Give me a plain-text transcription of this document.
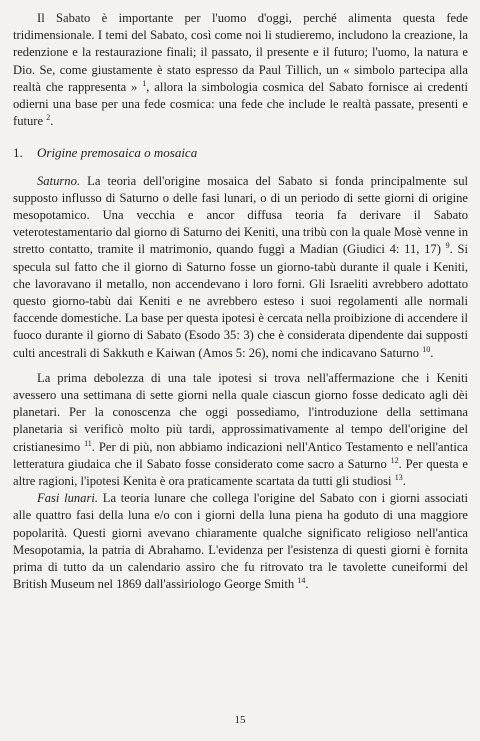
Il Sabato è importante per l'uomo d'oggi, perché alimenta questa fede tridimensionale. I temi del Sabato, così come noi li studieremo, includono la creazione, la redenzione e la restaurazione finali; il passato, il presente e il futuro; l'uomo, la natura e Dio. Se, come giustamente è stato espresso da Paul Tillich, un « simbolo partecipa alla realtà che rappresenta » $^1$, allora la simbologia cosmica del Sabato fornisce ai credenti odierni una base per una fede cosmica: una fede che include le realtà passate, presenti e future $^2$.

1. Origine premosaica o mosaica

Saturno. La teoria dell'origine mosaica del Sabato si fonda principalmente sul supposto influsso di Saturno o delle fasi lunari, o di un periodo di sette giorni di origine mesopotamico. Una vecchia e ancor diffusa teoria fa derivare il Sabato veterotestamentario dal giorno di Saturno dei Keniti, una tribù con la quale Mosè venne in stretto contatto, tramite il matrimonio, quando fuggì a Madian (Giudici 4: 11, 17) $^9$. Si specula sul fatto che il giorno di Saturno fosse un giorno-tabù durante il quale i Keniti, che lavoravano il metallo, non accendevano i loro forni. Gli Israeliti avrebbero adottato questo giorno-tabù dai Keniti e ne avrebbero esteso i suoi regolamenti alle normali faccende domestiche. La base per questa ipotesi è cercata nella proibizione di accendere il fuoco durante il giorno di Sabato (Esodo 35: 3) che è considerata dipendente dai supposti culti ancestrali di Sakkuth e Kaiwan (Amos 5: 26), nomi che indicavano Saturno $^{10}$.

La prima debolezza di una tale ipotesi si trova nell'affermazione che i Keniti avessero una settimana di sette giorni nella quale ciascun giorno fosse dedicato agli dèi planetari. Per la conoscenza che oggi possediamo, l'introduzione della settimana planetaria si verificò molto più tardi, approssimativamente al tempo dell'origine del cristianesimo $^{11}$. Per di più, non abbiamo indicazioni nell'Antico Testamento e nell'antica letteratura giudaica che il Sabato fosse considerato come sacro a Saturno $^{12}$. Per questa e altre ragioni, l'ipotesi Kenita è ora praticamente scartata da tutti gli studiosi $^{13}$.

Fasi lunari. La teoria lunare che collega l'origine del Sabato con i giorni associati alle quattro fasi della luna e/o con i giorni della luna piena ha goduto di una maggiore popolarità. Questi giorni avevano chiaramente qualche significato religioso nell'antica Mesopotamia, la patria di Abrahamo. L'evidenza per l'esistenza di questi giorni è fornita prima di tutto da un calendario assiro che fu ritrovato tra le tavolette cuneiformi del British Museum nel 1869 dall'assiriologo George Smith $^{14}$.

15
